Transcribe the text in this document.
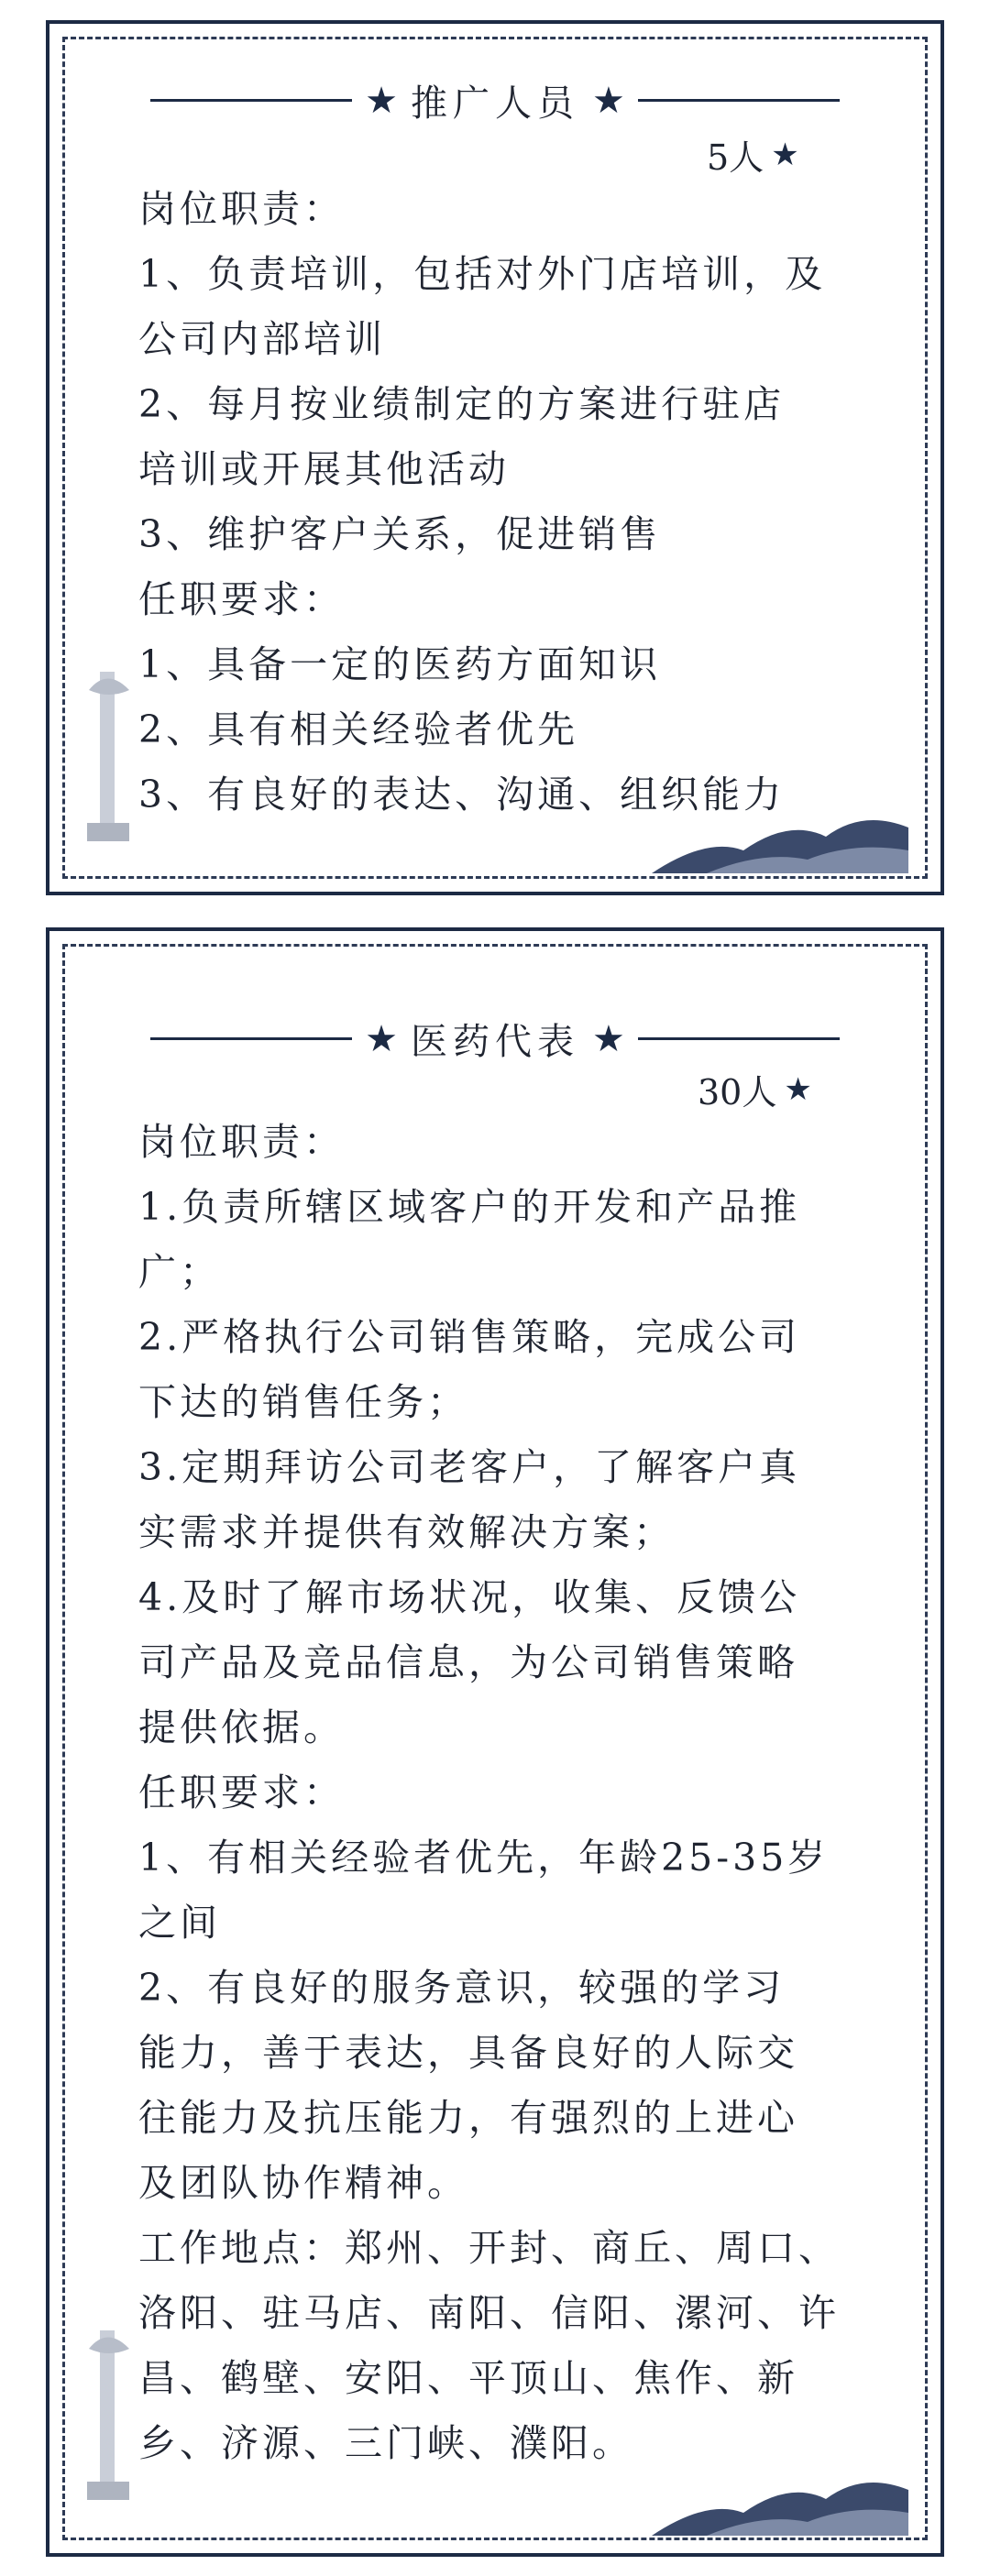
★ 推广人员 ★
5人 ★
岗位职责：
1、负责培训，包括对外门店培训，及
公司内部培训
2、每月按业绩制定的方案进行驻店
培训或开展其他活动
3、维护客户关系，促进销售
任职要求：
1、具备一定的医药方面知识
2、具有相关经验者优先
3、有良好的表达、沟通、组织能力
★ 医药代表 ★
30人 ★
岗位职责：
1.负责所辖区域客户的开发和产品推
广；
2.严格执行公司销售策略，完成公司
下达的销售任务；
3.定期拜访公司老客户，了解客户真
实需求并提供有效解决方案；
4.及时了解市场状况，收集、反馈公
司产品及竞品信息，为公司销售策略
提供依据。
任职要求：
1、有相关经验者优先，年龄25-35岁
之间
2、有良好的服务意识，较强的学习
能力，善于表达，具备良好的人际交
往能力及抗压能力，有强烈的上进心
及团队协作精神。
工作地点：郑州、开封、商丘、周口、
洛阳、驻马店、南阳、信阳、漯河、许
昌、鹤壁、安阳、平顶山、焦作、新
乡、济源、三门峡、濮阳。
